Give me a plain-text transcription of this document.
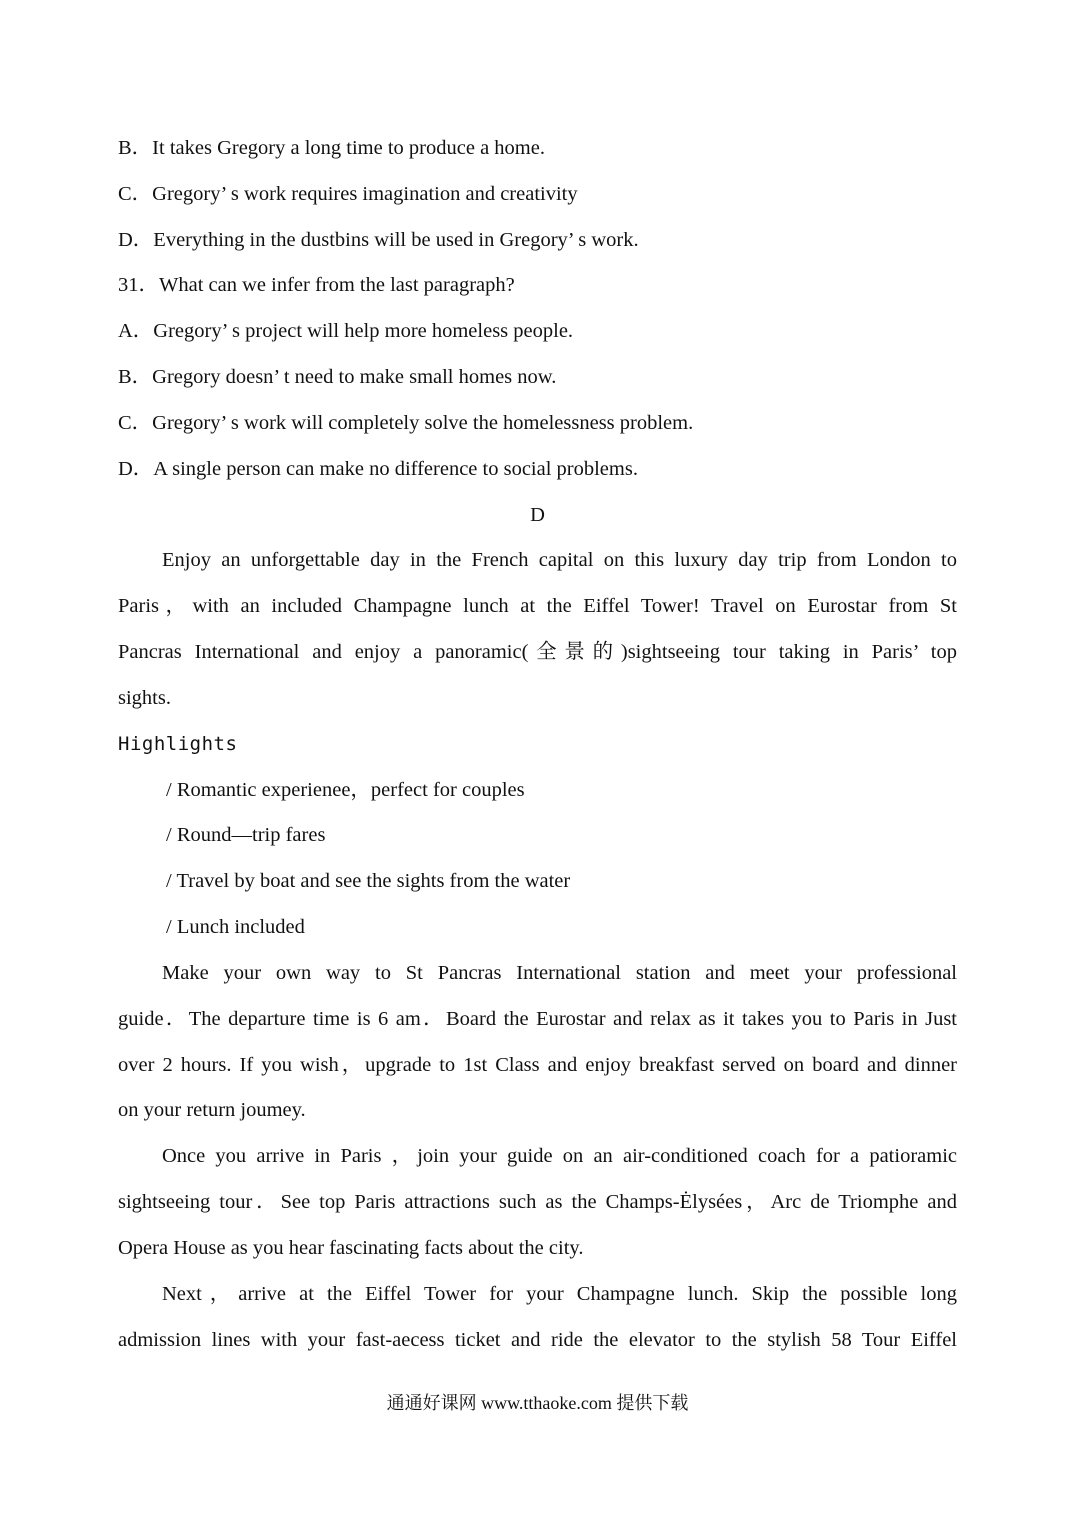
B．It takes Gregory a long time to produce a home.
C．Gregory’ s work requires imagination and creativity
D．Everything in the dustbins will be used in Gregory’ s work.
31．What can we infer from the last paragraph?
A．Gregory’ s project will help more homeless people.
B．Gregory doesn’ t need to make small homes now.
C．Gregory’ s work will completely solve the homelessness problem.
D．A single person can make no difference to social problems.
D
Enjoy an unforgettable day in the French capital on this luxury day trip from London to
Paris，with an included Champagne lunch at the Eiffel Tower! Travel on Eurostar from St
Pancras International and enjoy a panoramic(全景的)sightseeing tour taking in Paris’ top
sights.
Highlights
/ Romantic experienee，perfect for couples
/ Round—trip fares
/ Travel by boat and see the sights from the water
/ Lunch included
Make your own way to St Pancras International station and meet your professional
guide．The departure time is 6 am．Board the Eurostar and relax as it takes you to Paris in Just
over 2 hours. If you wish，upgrade to 1st Class and enjoy breakfast served on board and dinner
on your return joumey.
Once you arrive in Paris ，join your guide on an air-conditioned coach for a patioramic
sightseeing tour．See top Paris attractions such as the Champs-Ėlysées，Arc de Triomphe and
Opera House as you hear fascinating facts about the city.
Next，arrive at the Eiffel Tower for your Champagne lunch. Skip the possible long
admission lines with your fast-aecess ticket and ride the elevator to the stylish 58 Tour Eiffel
通通好课网 www.tthaoke.com 提供下载
